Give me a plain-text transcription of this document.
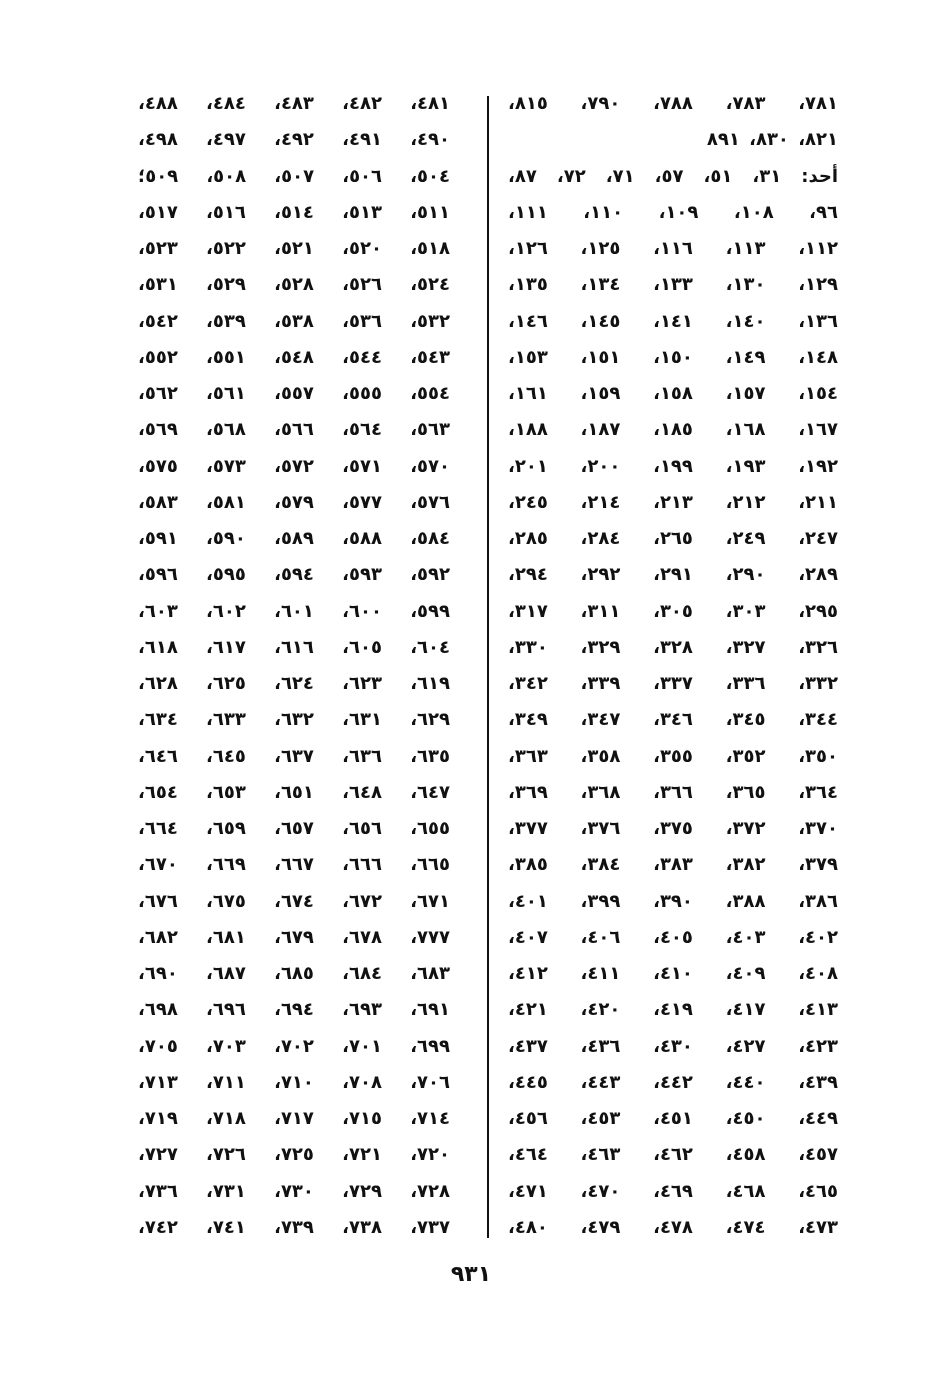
٧٨١، ٧٨٣، ٧٨٨، ٧٩٠، ٨١٥،
٨٢١، ٨٣٠، ٨٩١
أحد: ٣١، ٥١، ٥٧، ٧١، ٧٢، ٨٧،
٩٦، ١٠٨، ١٠٩، ١١٠، ١١١،
١١٢، ١١٣، ١١٦، ١٢٥، ١٢٦،
١٢٩، ١٣٠، ١٣٣، ١٣٤، ١٣٥،
١٣٦، ١٤٠، ١٤١، ١٤٥، ١٤٦،
١٤٨، ١٤٩، ١٥٠، ١٥١، ١٥٣،
١٥٤، ١٥٧، ١٥٨، ١٥٩، ١٦١،
١٦٧، ١٦٨، ١٨٥، ١٨٧، ١٨٨،
١٩٢، ١٩٣، ١٩٩، ٢٠٠، ٢٠١،
٢١١، ٢١٢، ٢١٣، ٢١٤، ٢٤٥،
٢٤٧، ٢٤٩، ٢٦٥، ٢٨٤، ٢٨٥،
٢٨٩، ٢٩٠، ٢٩١، ٢٩٢، ٢٩٤،
٢٩٥، ٣٠٣، ٣٠٥، ٣١١، ٣١٧،
٣٢٦، ٣٢٧، ٣٢٨، ٣٢٩، ٣٣٠،
٣٣٢، ٣٣٦، ٣٣٧، ٣٣٩، ٣٤٢،
٣٤٤، ٣٤٥، ٣٤٦، ٣٤٧، ٣٤٩،
٣٥٠، ٣٥٢، ٣٥٥، ٣٥٨، ٣٦٣،
٣٦٤، ٣٦٥، ٣٦٦، ٣٦٨، ٣٦٩،
٣٧٠، ٣٧٢، ٣٧٥، ٣٧٦، ٣٧٧،
٣٧٩، ٣٨٢، ٣٨٣، ٣٨٤، ٣٨٥،
٣٨٦، ٣٨٨، ٣٩٠، ٣٩٩، ٤٠١،
٤٠٢، ٤٠٣، ٤٠٥، ٤٠٦، ٤٠٧،
٤٠٨، ٤٠٩، ٤١٠، ٤١١، ٤١٢،
٤١٣، ٤١٧، ٤١٩، ٤٢٠، ٤٢١،
٤٢٣، ٤٢٧، ٤٣٠، ٤٣٦، ٤٣٧،
٤٣٩، ٤٤٠، ٤٤٢، ٤٤٣، ٤٤٥،
٤٤٩، ٤٥٠، ٤٥١، ٤٥٣، ٤٥٦،
٤٥٧، ٤٥٨، ٤٦٢، ٤٦٣، ٤٦٤،
٤٦٥، ٤٦٨، ٤٦٩، ٤٧٠، ٤٧١،
٤٧٣، ٤٧٤، ٤٧٨، ٤٧٩، ٤٨٠،
٤٨١، ٤٨٢، ٤٨٣، ٤٨٤، ٤٨٨،
٤٩٠، ٤٩١، ٤٩٢، ٤٩٧، ٤٩٨،
٥٠٤، ٥٠٦، ٥٠٧، ٥٠٨، ٥٠٩؛
٥١١، ٥١٣، ٥١٤، ٥١٦، ٥١٧،
٥١٨، ٥٢٠، ٥٢١، ٥٢٢، ٥٢٣،
٥٢٤، ٥٢٦، ٥٢٨، ٥٢٩، ٥٣١،
٥٣٢، ٥٣٦، ٥٣٨، ٥٣٩، ٥٤٢،
٥٤٣، ٥٤٤، ٥٤٨، ٥٥١، ٥٥٢،
٥٥٤، ٥٥٥، ٥٥٧، ٥٦١، ٥٦٢،
٥٦٣، ٥٦٤، ٥٦٦، ٥٦٨، ٥٦٩،
٥٧٠، ٥٧١، ٥٧٢، ٥٧٣، ٥٧٥،
٥٧٦، ٥٧٧، ٥٧٩، ٥٨١، ٥٨٣،
٥٨٤، ٥٨٨، ٥٨٩، ٥٩٠، ٥٩١،
٥٩٢، ٥٩٣، ٥٩٤، ٥٩٥، ٥٩٦،
٥٩٩، ٦٠٠، ٦٠١، ٦٠٢، ٦٠٣،
٦٠٤، ٦٠٥، ٦١٦، ٦١٧، ٦١٨،
٦١٩، ٦٢٣، ٦٢٤، ٦٢٥، ٦٢٨،
٦٢٩، ٦٣١، ٦٣٢، ٦٣٣، ٦٣٤،
٦٣٥، ٦٣٦، ٦٣٧، ٦٤٥، ٦٤٦،
٦٤٧، ٦٤٨، ٦٥١، ٦٥٣، ٦٥٤،
٦٥٥، ٦٥٦، ٦٥٧، ٦٥٩، ٦٦٤،
٦٦٥، ٦٦٦، ٦٦٧، ٦٦٩، ٦٧٠،
٦٧١، ٦٧٢، ٦٧٤، ٦٧٥، ٦٧٦،
٧٧٧، ٦٧٨، ٦٧٩، ٦٨١، ٦٨٢،
٦٨٣، ٦٨٤، ٦٨٥، ٦٨٧، ٦٩٠،
٦٩١، ٦٩٣، ٦٩٤، ٦٩٦، ٦٩٨،
٦٩٩، ٧٠١، ٧٠٢، ٧٠٣، ٧٠٥،
٧٠٦، ٧٠٨، ٧١٠، ٧١١، ٧١٣،
٧١٤، ٧١٥، ٧١٧، ٧١٨، ٧١٩،
٧٢٠، ٧٢١، ٧٢٥، ٧٢٦، ٧٢٧،
٧٢٨، ٧٢٩، ٧٣٠، ٧٣١، ٧٣٦،
٧٣٧، ٧٣٨، ٧٣٩، ٧٤١، ٧٤٢،
٩٣١
